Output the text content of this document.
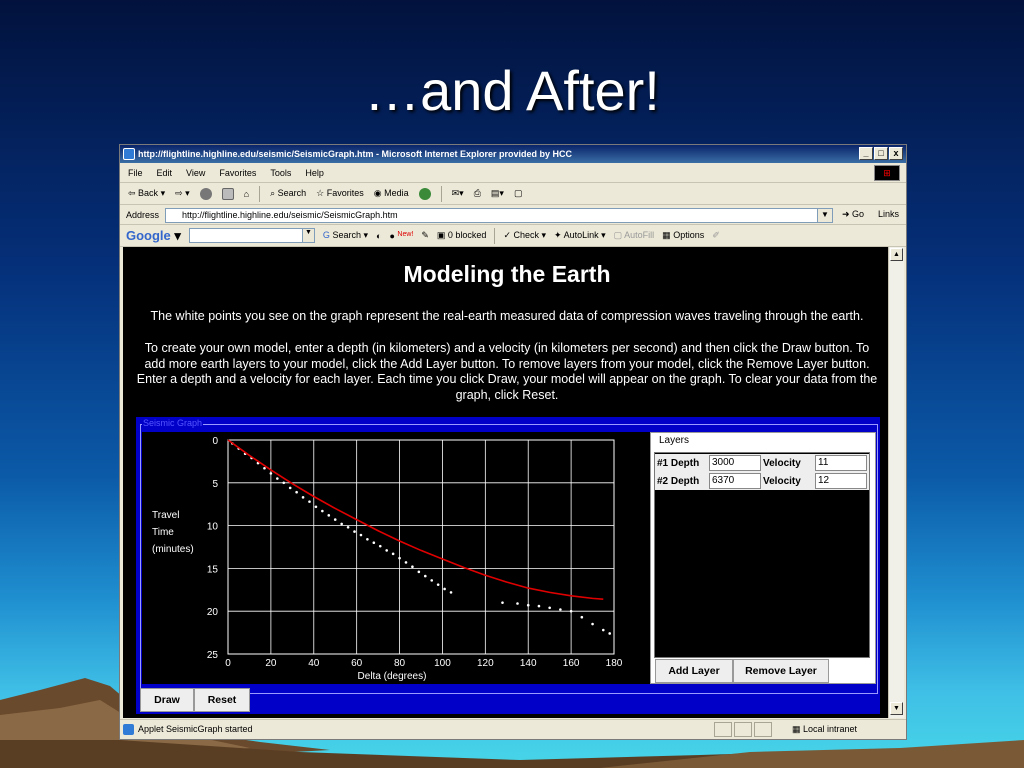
…and After!
http://flightline.highline.edu/seismic/SeismicGraph.htm - Microsoft Internet Explorer provided by HCC	_	□	x
File Edit View Favorites Tools Help	⊞
⇦ Back ▾ ⇨ ▾	⌂ ⌕ Search ☆ Favorites ◉ Media	✉▾ ⎙ ▤▾ ▢
Address	http://flightline.highline.edu/seismic/SeismicGraph.htm	▼	➜ Go Links
Google ▾	▼ G Search ▾ ◐ ● $^{New!}$ ✎ ▣ 0 blocked ✓ Check ▾ ✦ AutoLink ▾ ▢ AutoFill ▦ Options ✐
Modeling the Earth
The white points you see on the graph represent the real-earth measured data of compression waves traveling through the earth.
To create your own model, enter a depth (in kilometers) and a velocity (in kilometers per second) and then click the Draw button. To add more earth layers to your model, click the Add Layer button. To remove layers from your model, click the Remove Layer button. Enter a depth and a velocity for each layer. Each time you click Draw, your model will appear on the graph. To clear your data from the graph, click Reset.
Seismic Graph
0	20	40	60	80	100	120	140	160	180
0
5
10
15
20
25
Travel
Time
(minutes)
Delta (degrees)
Layers
#1 Depth	3000	Velocity	11
#2 Depth	6370	Velocity	12
Add Layer	Remove Layer
Draw	Reset
▲
▼
Applet SeismicGraph started	▦ Local intranet
